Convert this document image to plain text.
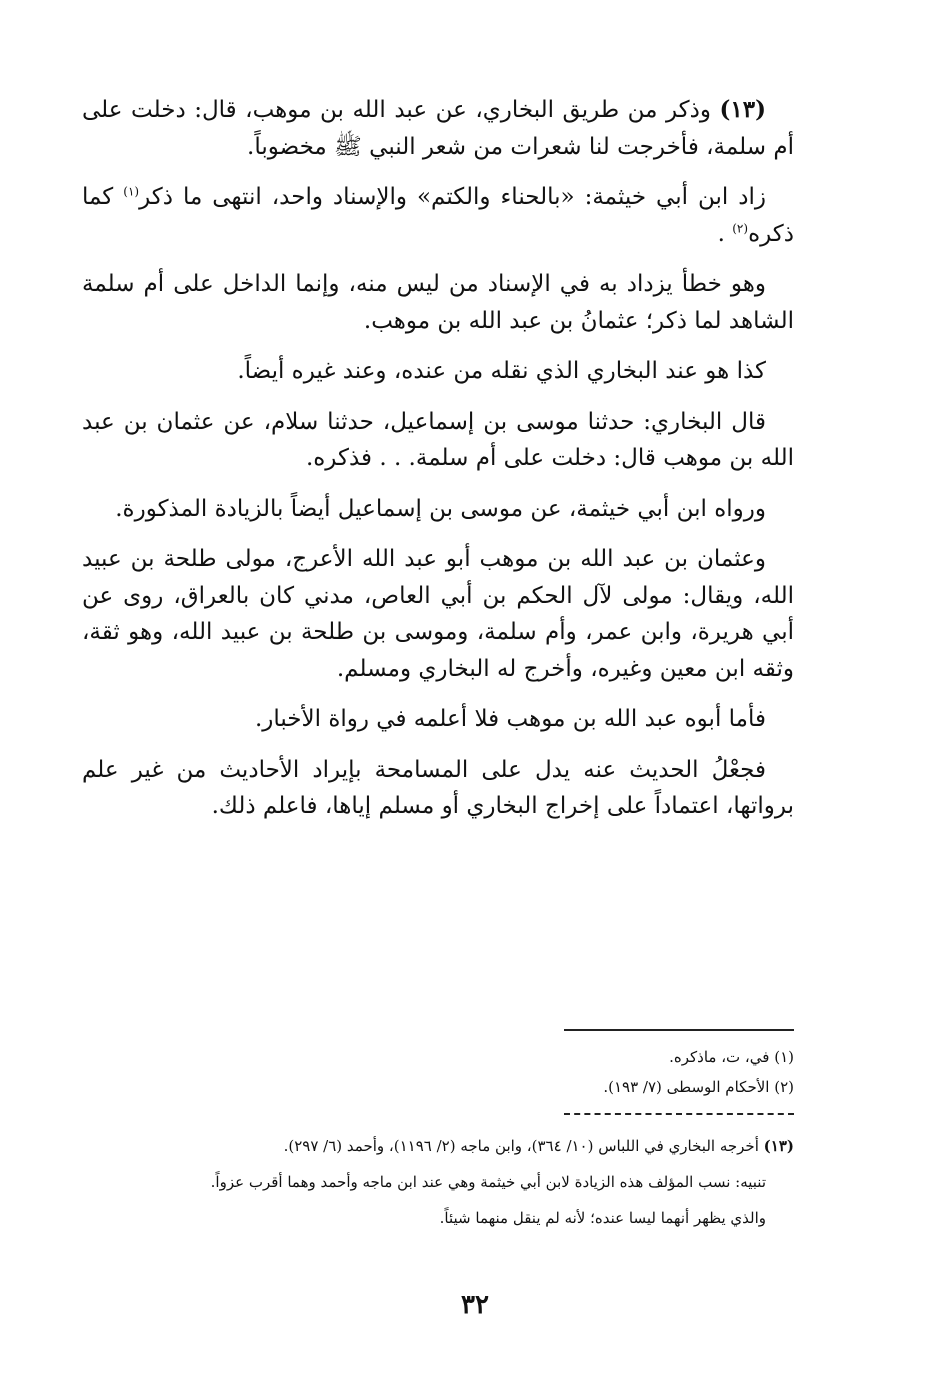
(١٣) وذكر من طريق البخاري، عن عبد الله بن موهب، قال: دخلت على أم سلمة، فأخرجت لنا شعرات من شعر النبي ﷺ مخضوباً.

زاد ابن أبي خيثمة: «بالحناء والكتم» والإسناد واحد، انتهى ما ذكر$^{(١)}$ كما ذكره$^{(٢)}$ .

وهو خطأ يزداد به في الإسناد من ليس منه، وإنما الداخل على أم سلمة الشاهد لما ذكر؛ عثمانُ بن عبد الله بن موهب.

كذا هو عند البخاري الذي نقله من عنده، وعند غيره أيضاً.

قال البخاري: حدثنا موسى بن إسماعيل، حدثنا سلام، عن عثمان بن عبد الله بن موهب قال: دخلت على أم سلمة. . . فذكره.

ورواه ابن أبي خيثمة، عن موسى بن إسماعيل أيضاً بالزيادة المذكورة.

وعثمان بن عبد الله بن موهب أبو عبد الله الأعرج، مولى طلحة بن عبيد الله، ويقال: مولى لآل الحكم بن أبي العاص، مدني كان بالعراق، روى عن أبي هريرة، وابن عمر، وأم سلمة، وموسى بن طلحة بن عبيد الله، وهو ثقة، وثقه ابن معين وغيره، وأخرج له البخاري ومسلم.

فأما أبوه عبد الله بن موهب فلا أعلمه في رواة الأخبار.

فجعْلُ الحديث عنه يدل على المسامحة بإيراد الأحاديث من غير علم برواتها، اعتماداً على إخراج البخاري أو مسلم إياها، فاعلم ذلك.

(١) في، ت، ماذكره.
(٢) الأحكام الوسطى (٧/ ١٩٣).
(١٣) أخرجه البخاري في اللباس (١٠/ ٣٦٤)، وابن ماجه (٢/ ١١٩٦)، وأحمد (٦/ ٢٩٧).
تنبيه: نسب المؤلف هذه الزيادة لابن أبي خيثمة وهي عند ابن ماجه وأحمد وهما أقرب عزواً.
والذي يظهر أنهما ليسا عنده؛ لأنه لم ينقل منهما شيئاً.
٣٢
